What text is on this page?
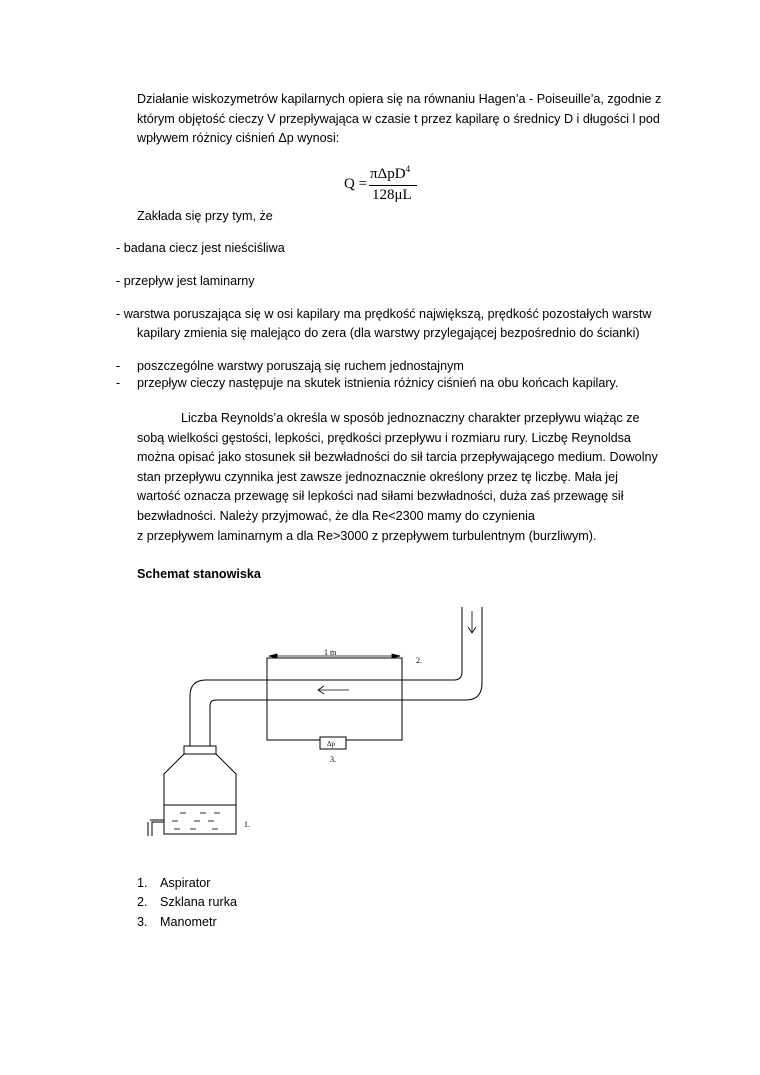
Działanie wiskozymetrów kapilarnych opiera się na równaniu Hagen’a - Poiseuille’a, zgodnie z
którym objętość cieczy V przepływająca w czasie t przez kapilarę o średnicy D i długości l pod
wpływem różnicy ciśnień Δp wynosi:
Q =
πΔpD$^4$
128μL
Zakłada się przy tym, że
- badana ciecz jest nieściśliwa
- przepływ jest laminarny
- warstwa poruszająca się w osi kapilary ma prędkość największą, prędkość pozostałych warstw
kapilary zmienia się malejąco do zera (dla warstwy przylegającej bezpośrednio do ścianki)
- poszczególne warstwy poruszają się ruchem jednostajnym
- przepływ cieczy następuje na skutek istnienia różnicy ciśnień na obu końcach kapilary.
Liczba Reynolds’a określa w sposób jednoznaczny charakter przepływu wiążąc ze
sobą wielkości gęstości, lepkości, prędkości przepływu i rozmiaru rury. Liczbę Reynoldsa
można opisać jako stosunek sił bezwładności do sił tarcia przepływającego medium. Dowolny
stan przepływu czynnika jest zawsze jednoznacznie określony przez tę liczbę. Mała jej
wartość oznacza przewagę sił lepkości nad siłami bezwładności, duża zaś przewagę sił
bezwładności. Należy przyjmować, że dla Re<2300 mamy do czynienia
z przepływem laminarnym a dla Re>3000 z przepływem turbulentnym (burzliwym).
Schemat stanowiska
1 m
2.
Δp
3.
1.
1. Aspirator
2. Szklana rurka
3. Manometr
